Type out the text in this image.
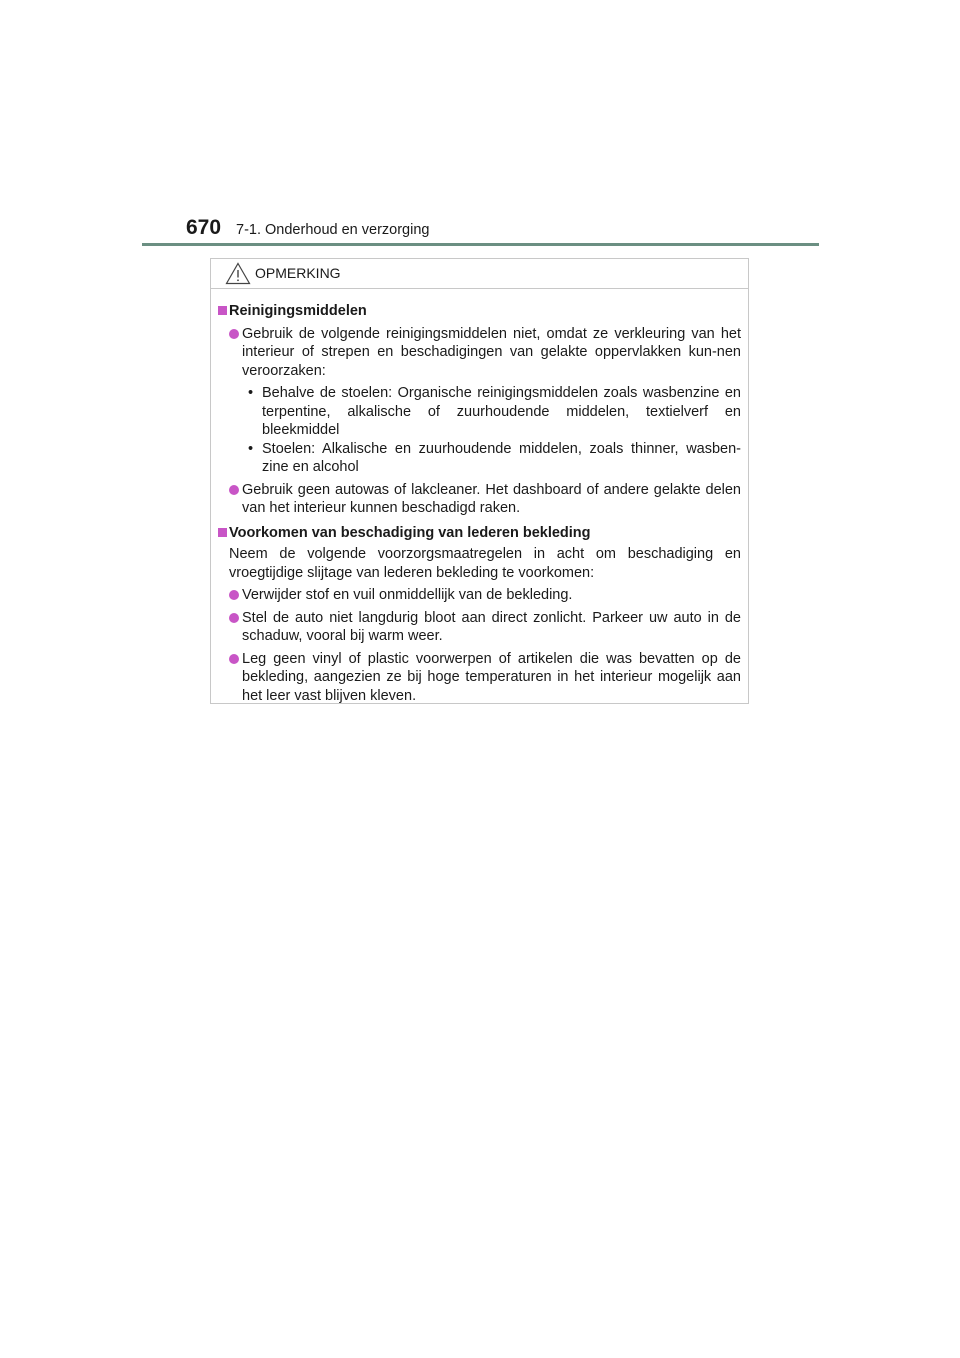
670 7-1. Onderhoud en verzorging
OPMERKING
Reinigingsmiddelen
Gebruik de volgende reinigingsmiddelen niet, omdat ze verkleuring van het interieur of strepen en beschadigingen van gelakte oppervlakken kun-nen veroorzaken:
• Behalve de stoelen: Organische reinigingsmiddelen zoals wasbenzine en terpentine, alkalische of zuurhoudende middelen, textielverf en bleekmiddel
• Stoelen: Alkalische en zuurhoudende middelen, zoals thinner, wasben-zine en alcohol
Gebruik geen autowas of lakcleaner. Het dashboard of andere gelakte delen van het interieur kunnen beschadigd raken.
Voorkomen van beschadiging van lederen bekleding
Neem de volgende voorzorgsmaatregelen in acht om beschadiging en vroegtijdige slijtage van lederen bekleding te voorkomen:
Verwijder stof en vuil onmiddellijk van de bekleding.
Stel de auto niet langdurig bloot aan direct zonlicht. Parkeer uw auto in de schaduw, vooral bij warm weer.
Leg geen vinyl of plastic voorwerpen of artikelen die was bevatten op de bekleding, aangezien ze bij hoge temperaturen in het interieur mogelijk aan het leer vast blijven kleven.
